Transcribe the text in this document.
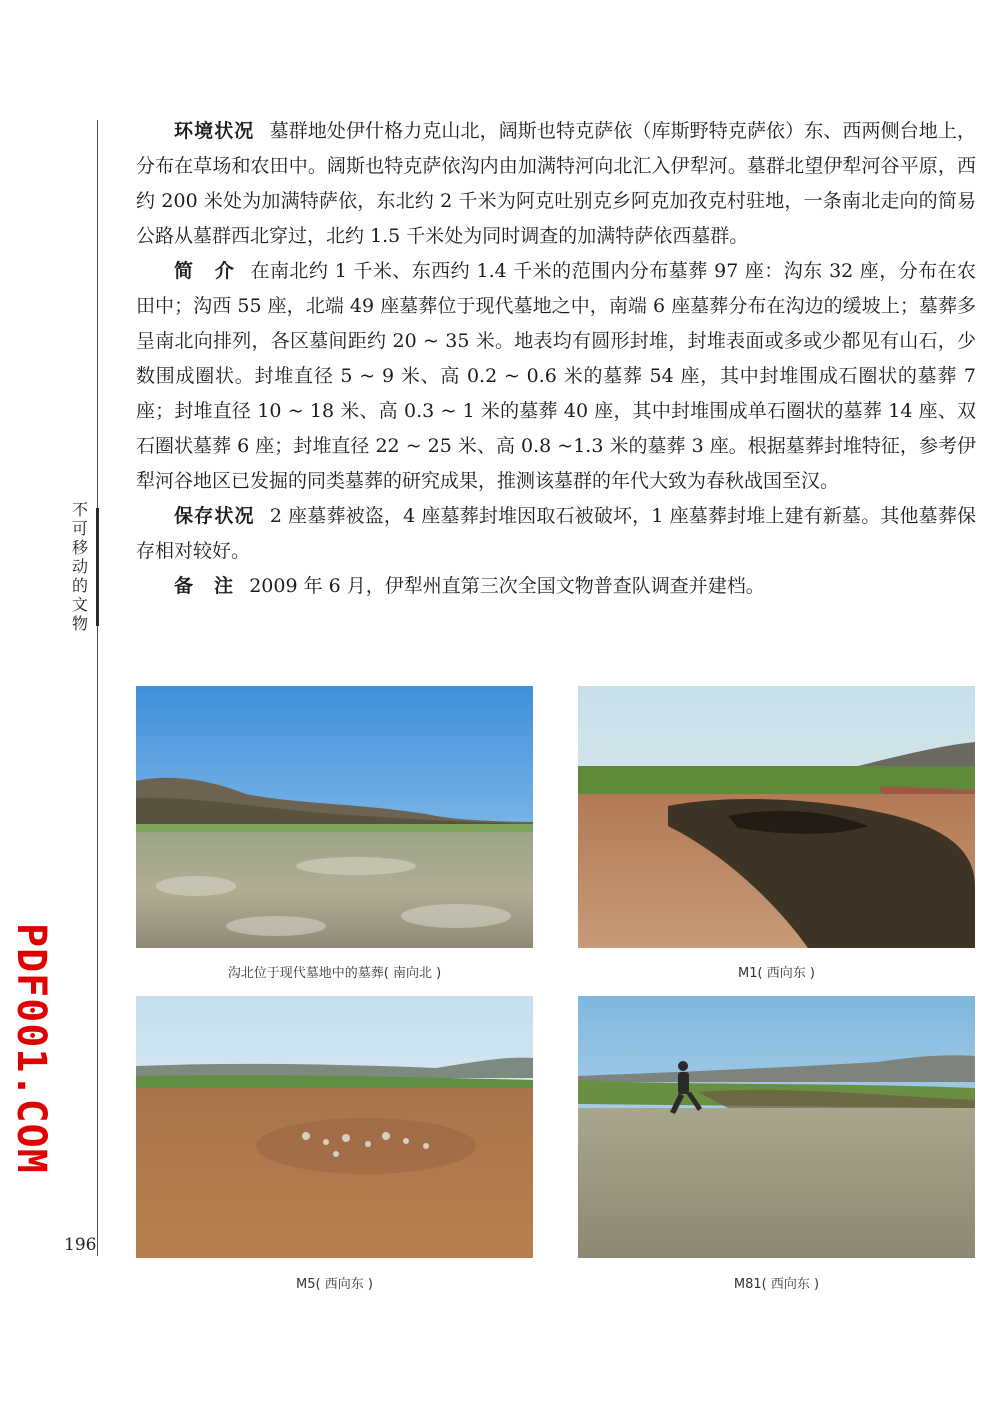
不
可
移
动
的
文
物
PDF001.COM
196

环境状况 墓群地处伊什格力克山北，阔斯也特克萨依（库斯野特克萨依）东、西两侧台地上，分布在草场和农田中。阔斯也特克萨依沟内由加满特河向北汇入伊犁河。墓群北望伊犁河谷平原，西约 200 米处为加满特萨依，东北约 2 千米为阿克吐别克乡阿克加孜克村驻地，一条南北走向的简易公路从墓群西北穿过，北约 1.5 千米处为同时调查的加满特萨依西墓群。

简　介 在南北约 1 千米、东西约 1.4 千米的范围内分布墓葬 97 座：沟东 32 座，分布在农田中；沟西 55 座，北端 49 座墓葬位于现代墓地之中，南端 6 座墓葬分布在沟边的缓坡上；墓葬多呈南北向排列，各区墓间距约 20 ~ 35 米。地表均有圆形封堆，封堆表面或多或少都见有山石，少数围成圈状。封堆直径 5 ~ 9 米、高 0.2 ~ 0.6 米的墓葬 54 座，其中封堆围成石圈状的墓葬 7 座；封堆直径 10 ~ 18 米、高 0.3 ~ 1 米的墓葬 40 座，其中封堆围成单石圈状的墓葬 14 座、双石圈状墓葬 6 座；封堆直径 22 ~ 25 米、高 0.8 ~1.3 米的墓葬 3 座。根据墓葬封堆特征，参考伊犁河谷地区已发掘的同类墓葬的研究成果，推测该墓群的年代大致为春秋战国至汉。

保存状况 2 座墓葬被盗，4 座墓葬封堆因取石被破坏，1 座墓葬封堆上建有新墓。其他墓葬保存相对较好。

备　注 2009 年 6 月，伊犁州直第三次全国文物普查队调查并建档。

沟北位于现代墓地中的墓葬( 南向北 )	M1( 西向东 )
M5( 西向东 )	M81( 西向东 )
